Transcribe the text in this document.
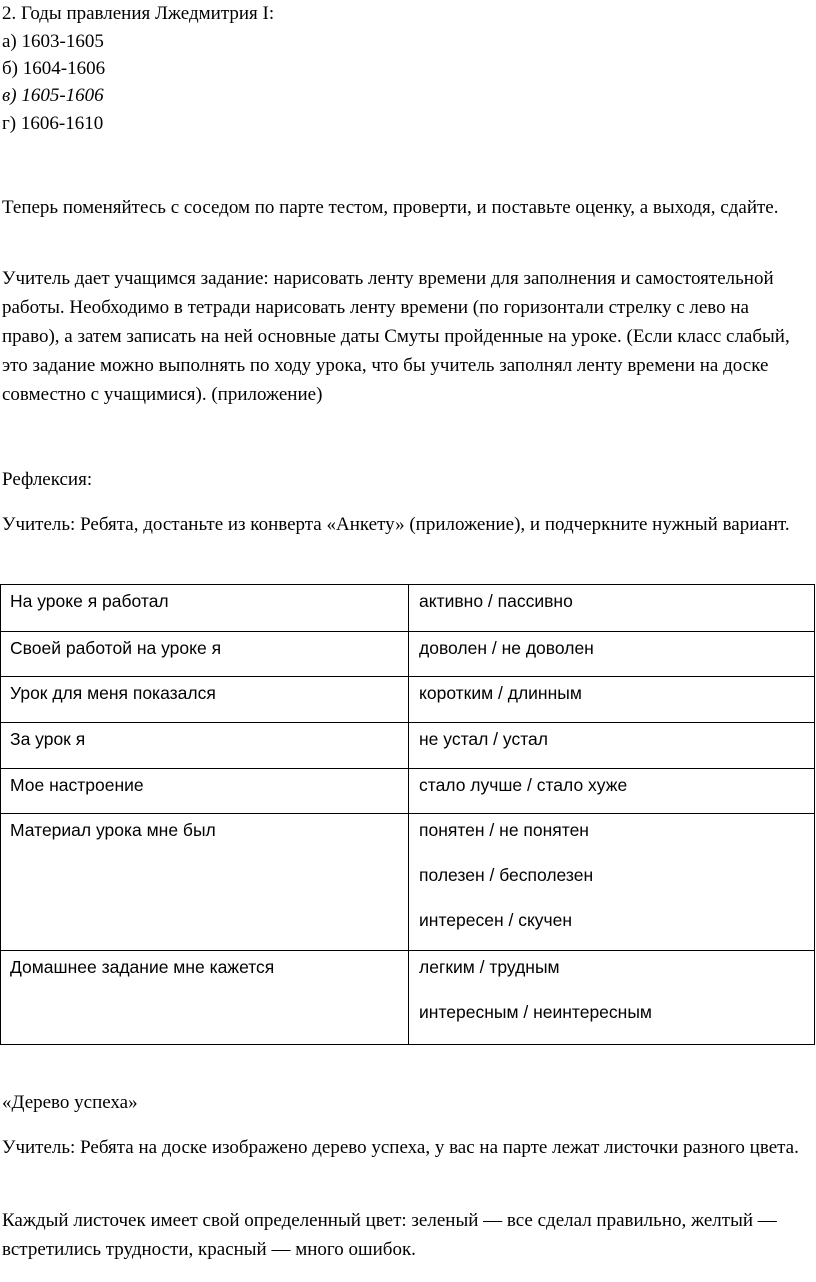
2. Годы правления Лжедмитрия I:
а) 1603-1605
б) 1604-1606
в) 1605-1606
г) 1606-1610

Теперь поменяйтесь с соседом по парте тестом, проверти, и поставьте оценку, а выходя, сдайте.

Учитель дает учащимся задание: нарисовать ленту времени для заполнения и самостоятельной работы. Необходимо в тетради нарисовать ленту времени (по горизонтали стрелку с лево на право), а затем записать на ней основные даты Смуты пройденные на уроке. (Если класс слабый, это задание можно выполнять по ходу урока, что бы учитель заполнял ленту времени на доске совместно с учащимися). (приложение)

Рефлексия:

Учитель: Ребята, достаньте из конверта «Анкету» (приложение), и подчеркните нужный вариант.

На уроке я работал	активно / пассивно

Своей работой на уроке я	доволен / не доволен

Урок для меня показался	коротким / длинным

За урок я	не устал / устал

Мое настроение	стало лучше / стало хуже

Материал урока мне был	понятен / не понятен
полезен / бесполезен
интересен / скучен

Домашнее задание мне кажется	легким / трудным
интересным / неинтересным
«Дерево успеха»

Учитель: Ребята на доске изображено дерево успеха, у вас на парте лежат листочки разного цвета.

Каждый листочек имеет свой определенный цвет: зеленый — все сделал правильно, желтый — встретились трудности, красный — много ошибок.
